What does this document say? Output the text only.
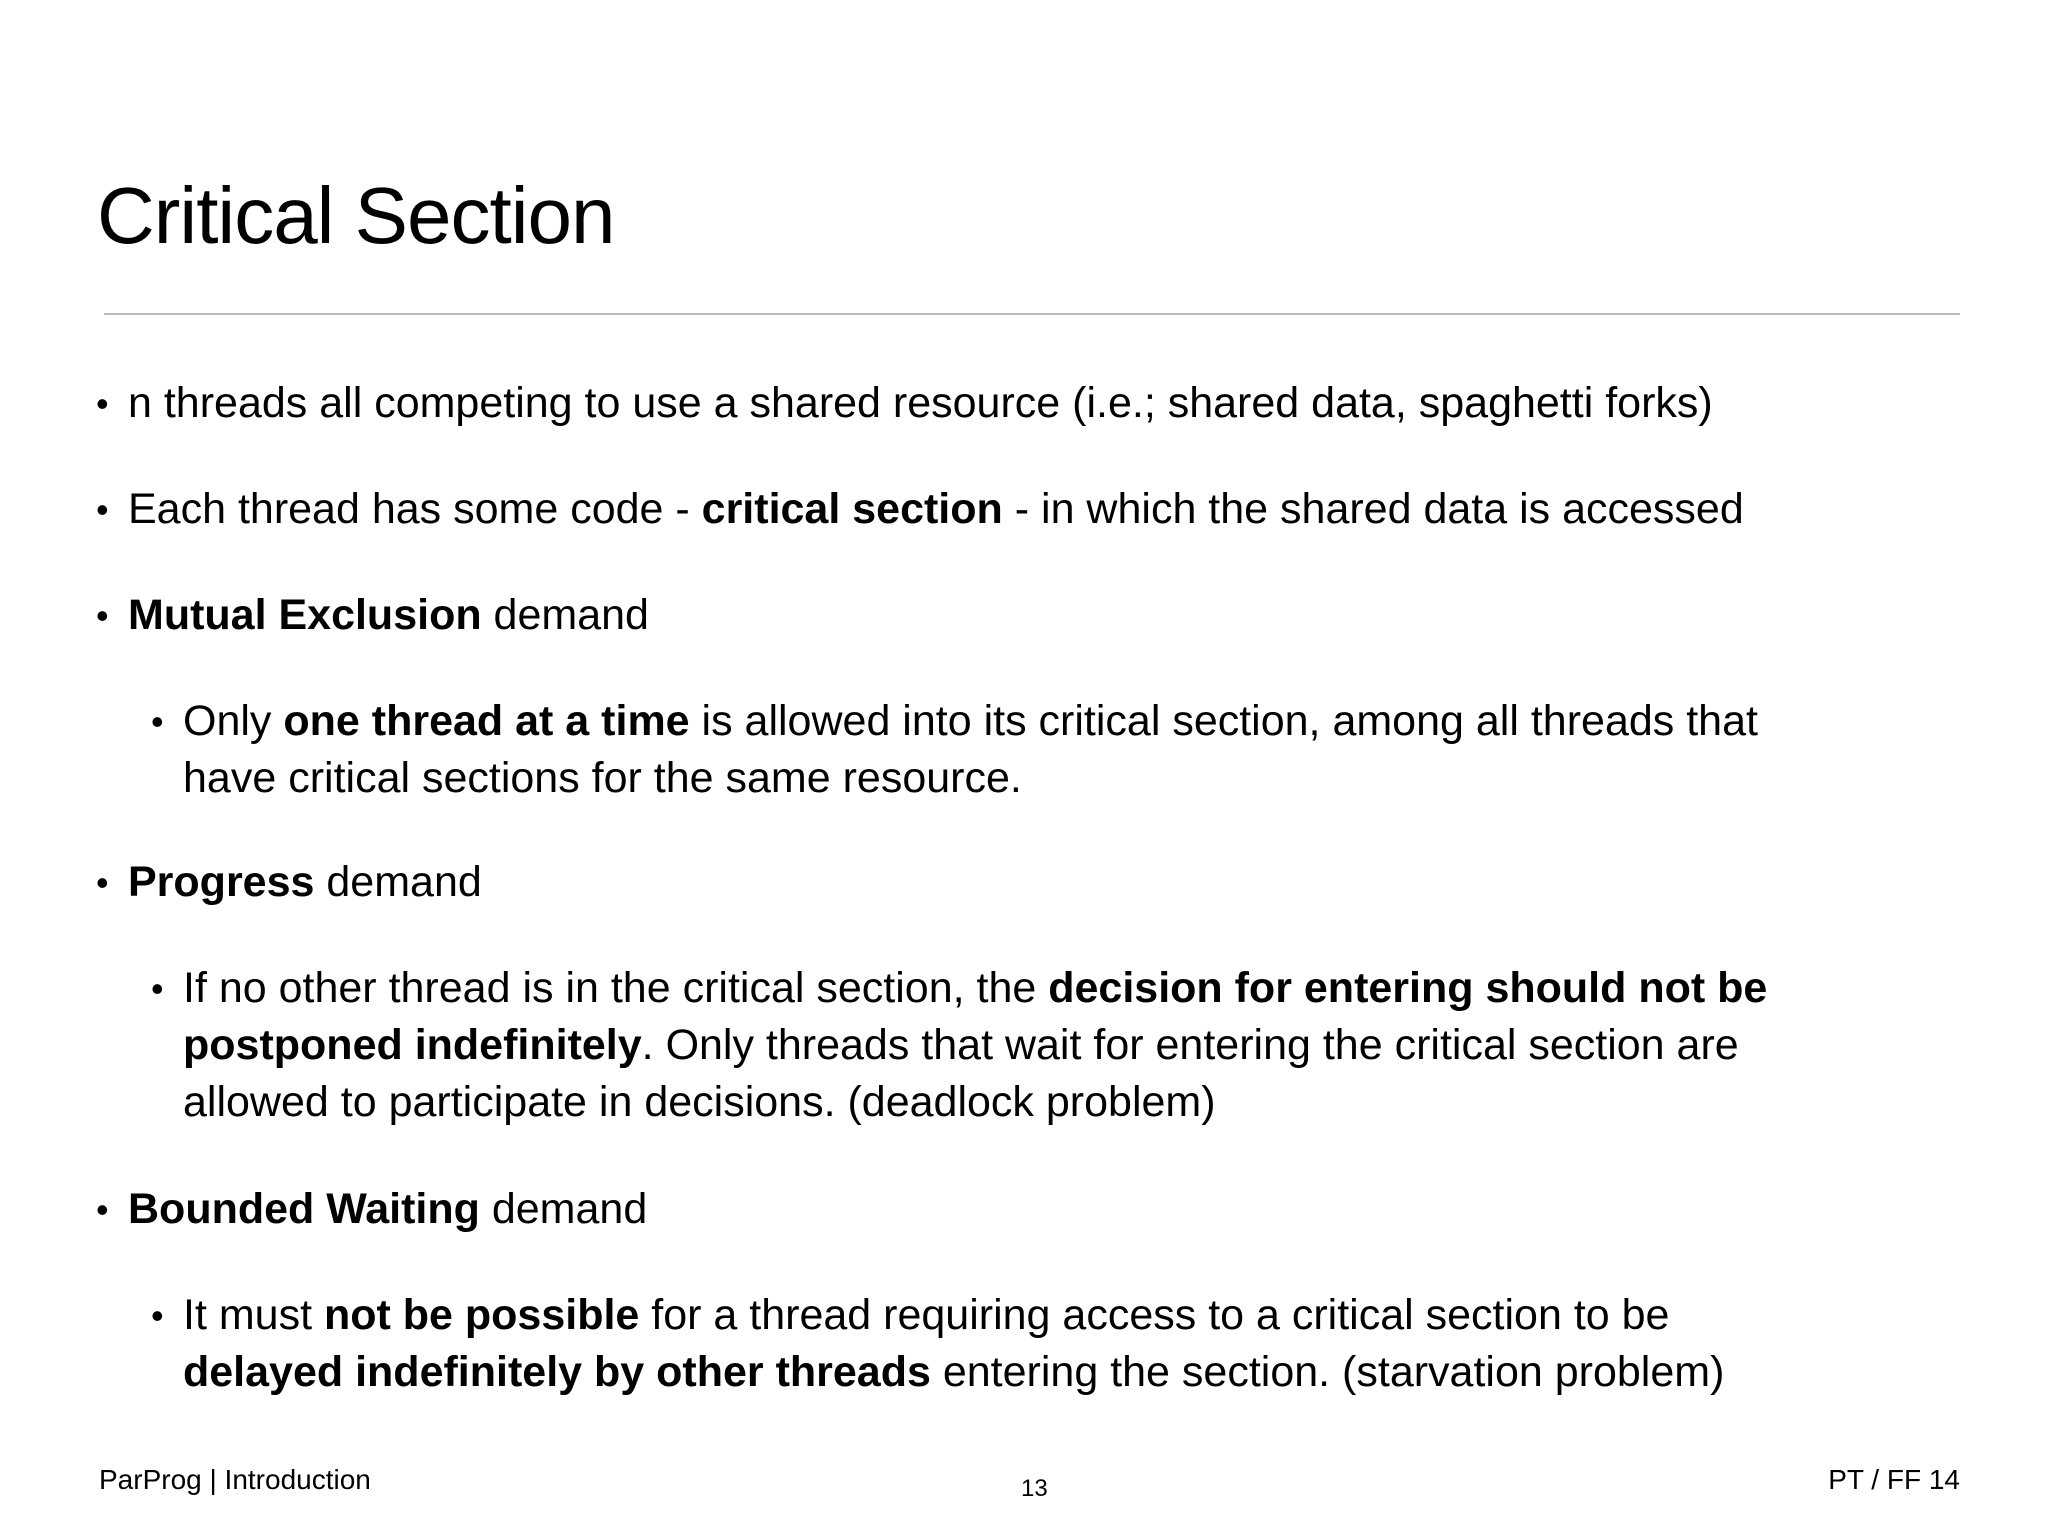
Critical Section
• n threads all competing to use a shared resource (i.e.; shared data, spaghetti forks)
• Each thread has some code - critical section - in which the shared data is accessed
• Mutual Exclusion demand
• Only one thread at a time is allowed into its critical section, among all threads that
have critical sections for the same resource.
• Progress demand
• If no other thread is in the critical section, the decision for entering should not be
postponed indefinitely. Only threads that wait for entering the critical section are
allowed to participate in decisions. (deadlock problem)
• Bounded Waiting demand
• It must not be possible for a thread requiring access to a critical section to be
delayed indefinitely by other threads entering the section. (starvation problem)
ParProg | Introduction	13	PT / FF 14
